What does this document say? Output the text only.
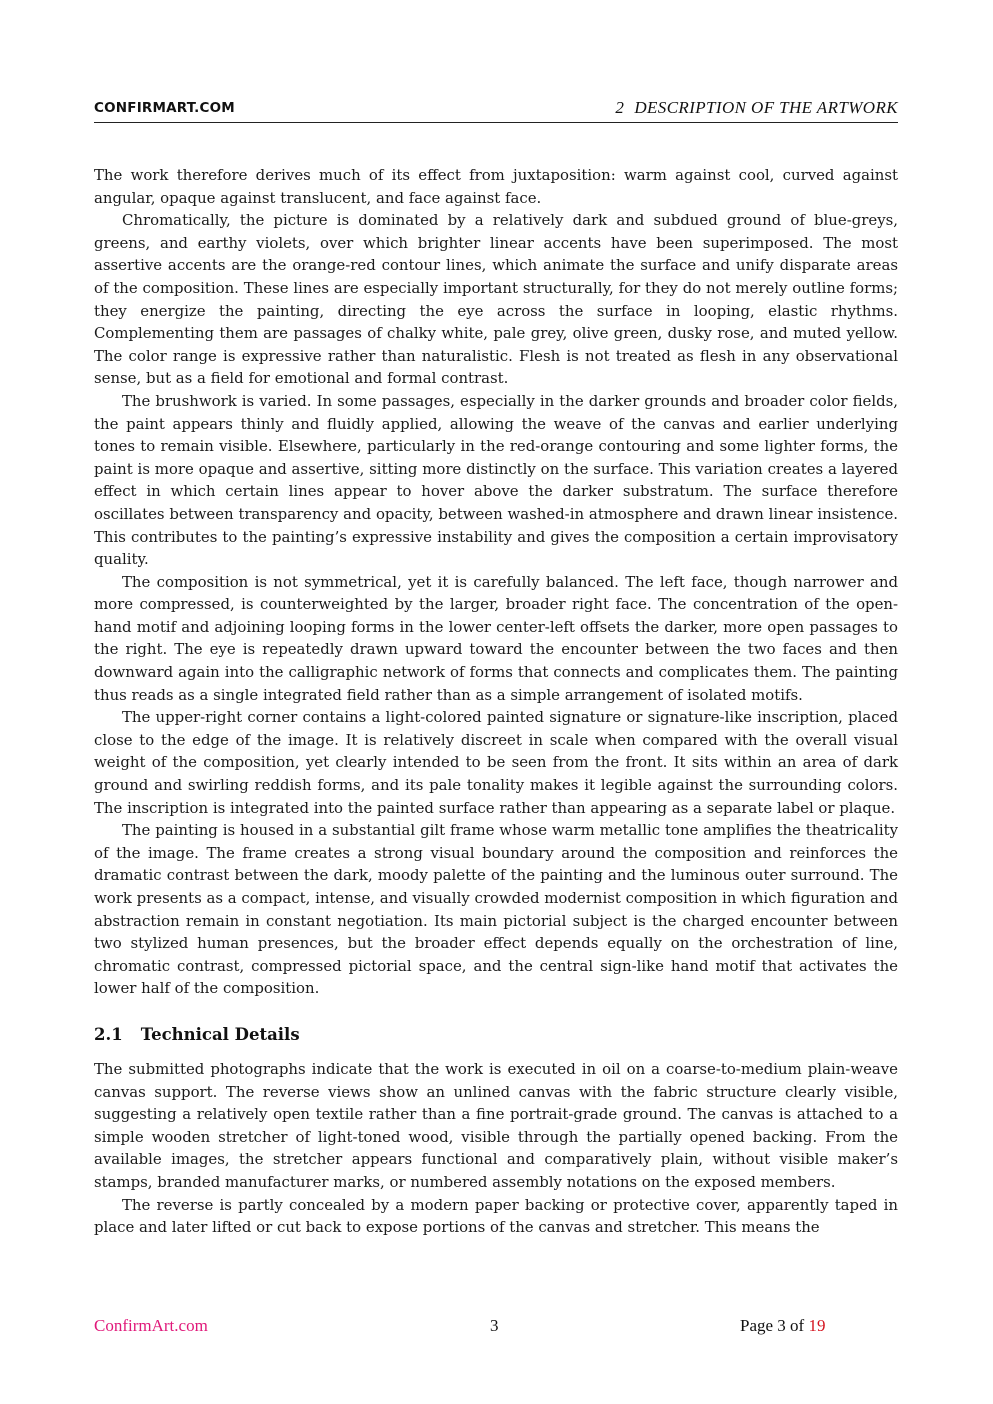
CONFIRMART.COM	2 DESCRIPTION OF THE ARTWORK

The work therefore derives much of its effect from juxtaposition: warm against cool, curved against angular, opaque against translucent, and face against face.

Chromatically, the picture is dominated by a relatively dark and subdued ground of blue-greys, greens, and earthy violets, over which brighter linear accents have been superimposed. The most assertive accents are the orange-red contour lines, which animate the surface and unify disparate areas of the composition. These lines are especially important structurally, for they do not merely outline forms; they energize the painting, directing the eye across the surface in looping, elastic rhythms. Complementing them are passages of chalky white, pale grey, olive green, dusky rose, and muted yellow. The color range is expressive rather than naturalistic. Flesh is not treated as flesh in any observational sense, but as a field for emotional and formal contrast.

The brushwork is varied. In some passages, especially in the darker grounds and broader color fields, the paint appears thinly and fluidly applied, allowing the weave of the canvas and earlier underlying tones to remain visible. Elsewhere, particularly in the red-orange contouring and some lighter forms, the paint is more opaque and assertive, sitting more distinctly on the surface. This variation creates a layered effect in which certain lines appear to hover above the darker substratum. The surface therefore oscillates between transparency and opacity, between washed-in atmosphere and drawn linear insistence. This contributes to the painting’s expressive instability and gives the composition a certain improvisatory quality.

The composition is not symmetrical, yet it is carefully balanced. The left face, though narrower and more compressed, is counterweighted by the larger, broader right face. The concentration of the open-hand motif and adjoining looping forms in the lower center-left offsets the darker, more open passages to the right. The eye is repeatedly drawn upward toward the encounter between the two faces and then downward again into the calligraphic network of forms that connects and complicates them. The painting thus reads as a single integrated field rather than as a simple arrangement of isolated motifs.

The upper-right corner contains a light-colored painted signature or signature-like inscription, placed close to the edge of the image. It is relatively discreet in scale when compared with the overall visual weight of the composition, yet clearly intended to be seen from the front. It sits within an area of dark ground and swirling reddish forms, and its pale tonality makes it legible against the surrounding colors. The inscription is integrated into the painted surface rather than appearing as a separate label or plaque.

The painting is housed in a substantial gilt frame whose warm metallic tone amplifies the theatricality of the image. The frame creates a strong visual boundary around the composition and reinforces the dramatic contrast between the dark, moody palette of the painting and the luminous outer surround. The work presents as a compact, intense, and visually crowded modernist composition in which figuration and abstraction remain in constant negotiation. Its main pictorial subject is the charged encounter between two stylized human presences, but the broader effect depends equally on the orchestration of line, chromatic contrast, compressed pictorial space, and the central sign-like hand motif that activates the lower half of the composition.

2.1 Technical Details

The submitted photographs indicate that the work is executed in oil on a coarse-to-medium plain-weave canvas support. The reverse views show an unlined canvas with the fabric structure clearly visible, suggesting a relatively open textile rather than a fine portrait-grade ground. The canvas is attached to a simple wooden stretcher of light-toned wood, visible through the partially opened backing. From the available images, the stretcher appears functional and comparatively plain, without visible maker’s stamps, branded manufacturer marks, or numbered assembly notations on the exposed members.

The reverse is partly concealed by a modern paper backing or protective cover, apparently taped in place and later lifted or cut back to expose portions of the canvas and stretcher. This means the

ConfirmArt.com	3	Page 3 of 19
